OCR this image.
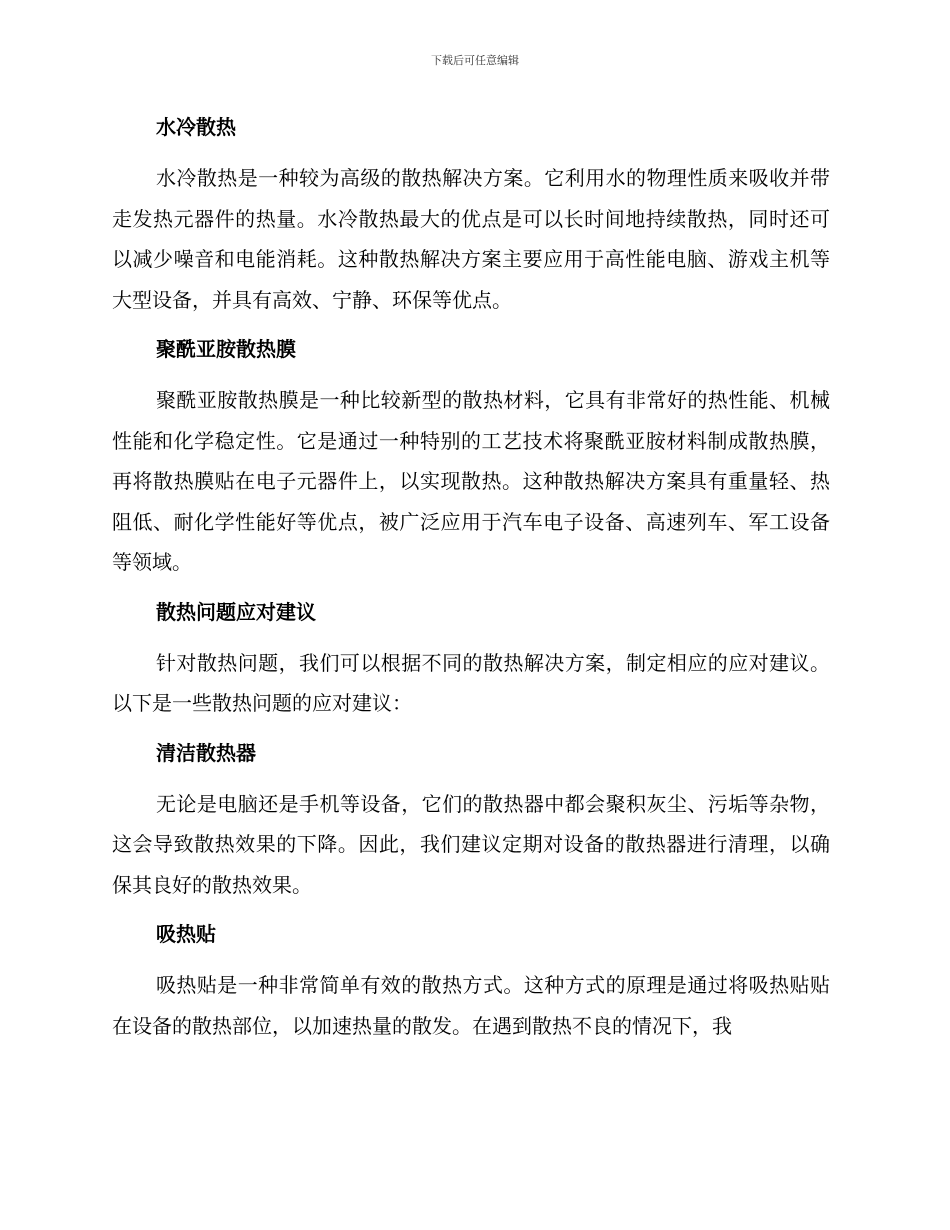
下载后可任意编辑
水冷散热

水冷散热是一种较为高级的散热解决方案。它利用水的物理性质来吸收并带走发热元器件的热量。水冷散热最大的优点是可以长时间地持续散热，同时还可以减少噪音和电能消耗。这种散热解决方案主要应用于高性能电脑、游戏主机等大型设备，并具有高效、宁静、环保等优点。

聚酰亚胺散热膜

聚酰亚胺散热膜是一种比较新型的散热材料，它具有非常好的热性能、机械性能和化学稳定性。它是通过一种特别的工艺技术将聚酰亚胺材料制成散热膜，再将散热膜贴在电子元器件上，以实现散热。这种散热解决方案具有重量轻、热阻低、耐化学性能好等优点，被广泛应用于汽车电子设备、高速列车、军工设备等领域。

散热问题应对建议

针对散热问题，我们可以根据不同的散热解决方案，制定相应的应对建议。以下是一些散热问题的应对建议：

清洁散热器

无论是电脑还是手机等设备，它们的散热器中都会聚积灰尘、污垢等杂物，这会导致散热效果的下降。因此，我们建议定期对设备的散热器进行清理，以确保其良好的散热效果。

吸热贴

吸热贴是一种非常简单有效的散热方式。这种方式的原理是通过将吸热贴贴在设备的散热部位，以加速热量的散发。在遇到散热不良的情况下，我
